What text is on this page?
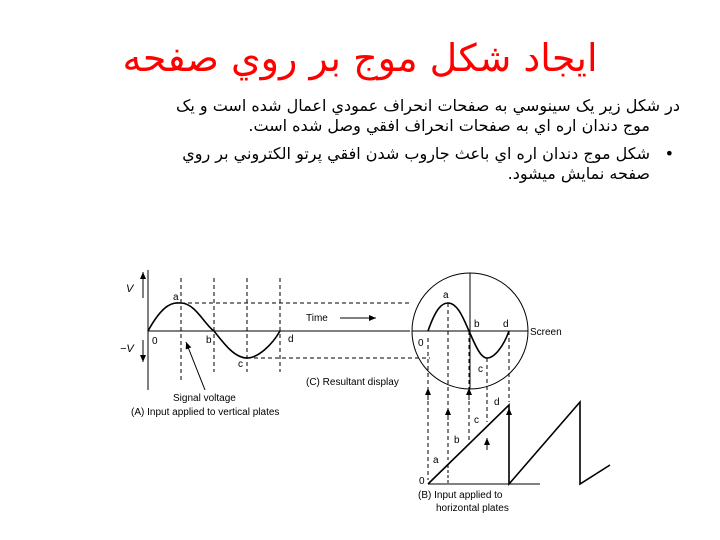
ايجاد شکل موج بر روي صفحه

در شکل زير يک سينوسي به صفحات انحراف عمودي اعمال شده است و يک
موج دندان اره اي به صفحات انحراف افقي وصل شده است.

• شکل موج دندان اره اي باعث جاروب شدن افقي پرتو الکتروني بر روي
صفحه نمايش ميشود.

V
−V
0
a
b
c
d
Time
Signal voltage
(A) Input applied to vertical plates
0
a
b
c
d
Screen
(C) Resultant display
0
a
b
c
d
(B) Input applied to
horizontal plates
